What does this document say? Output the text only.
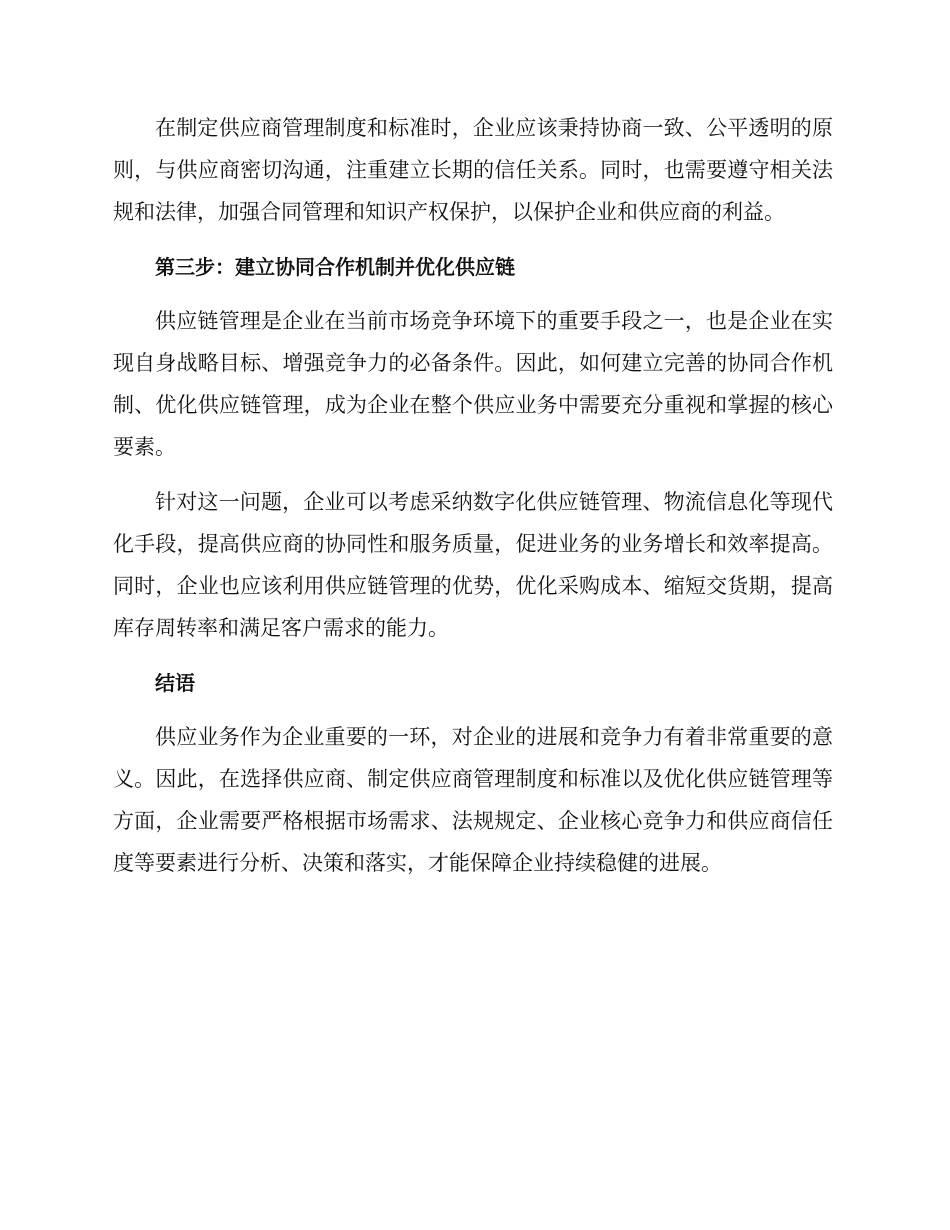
在制定供应商管理制度和标准时，企业应该秉持协商一致、公平透明的原则，与供应商密切沟通，注重建立长期的信任关系。同时，也需要遵守相关法规和法律，加强合同管理和知识产权保护，以保护企业和供应商的利益。

第三步：建立协同合作机制并优化供应链

供应链管理是企业在当前市场竞争环境下的重要手段之一，也是企业在实现自身战略目标、增强竞争力的必备条件。因此，如何建立完善的协同合作机制、优化供应链管理，成为企业在整个供应业务中需要充分重视和掌握的核心要素。

针对这一问题，企业可以考虑采纳数字化供应链管理、物流信息化等现代化手段，提高供应商的协同性和服务质量，促进业务的业务增长和效率提高。同时，企业也应该利用供应链管理的优势，优化采购成本、缩短交货期，提高库存周转率和满足客户需求的能力。

结语

供应业务作为企业重要的一环，对企业的进展和竞争力有着非常重要的意义。因此，在选择供应商、制定供应商管理制度和标准以及优化供应链管理等方面，企业需要严格根据市场需求、法规规定、企业核心竞争力和供应商信任度等要素进行分析、决策和落实，才能保障企业持续稳健的进展。
